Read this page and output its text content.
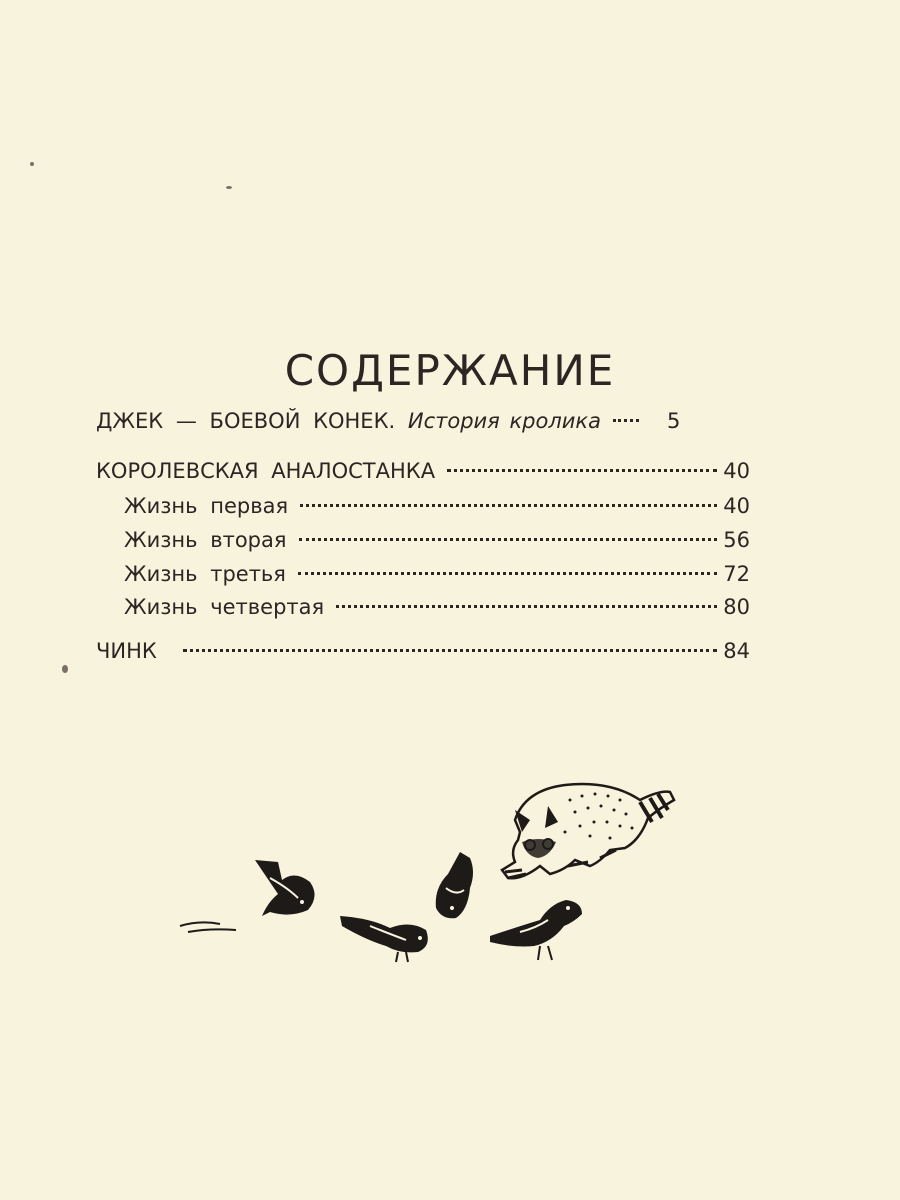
СОДЕРЖАНИЕ
ДЖЕК — БОЕВОЙ КОНЕК. История кролика	5
КОРОЛЕВСКАЯ АНАЛОСТАНКА	40
Жизнь первая	40
Жизнь вторая	56
Жизнь третья	72
Жизнь четвертая	80
ЧИНК	84
